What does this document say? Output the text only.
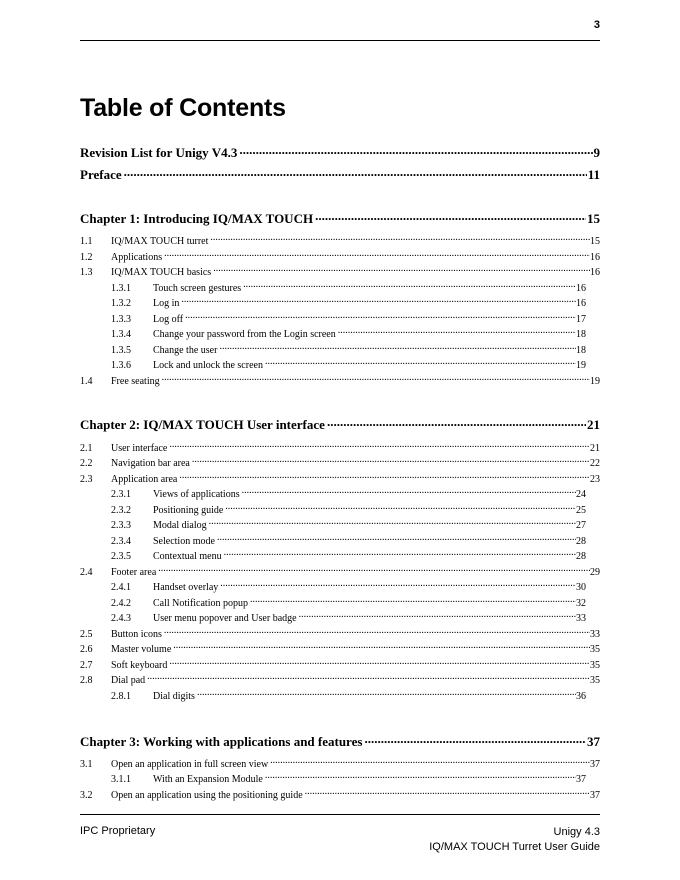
3
Table of Contents
Revision List for Unigy V4.3 .....	9
Preface .....	11
Chapter 1: Introducing IQ/MAX TOUCH .....	15
1.1	IQ/MAX TOUCH turret .....	15
1.2	Applications .....	16
1.3	IQ/MAX TOUCH basics .....	16
1.3.1	Touch screen gestures .....	16
1.3.2	Log in .....	16
1.3.3	Log off .....	17
1.3.4	Change your password from the Login screen .....	18
1.3.5	Change the user .....	18
1.3.6	Lock and unlock the screen .....	19
1.4	Free seating .....	19
Chapter 2: IQ/MAX TOUCH User interface .....	21
2.1	User interface .....	21
2.2	Navigation bar area .....	22
2.3	Application area .....	23
2.3.1	Views of applications .....	24
2.3.2	Positioning guide .....	25
2.3.3	Modal dialog .....	27
2.3.4	Selection mode .....	28
2.3.5	Contextual menu .....	28
2.4	Footer area .....	29
2.4.1	Handset overlay .....	30
2.4.2	Call Notification popup .....	32
2.4.3	User menu popover and User badge .....	33
2.5	Button icons .....	33
2.6	Master volume .....	35
2.7	Soft keyboard .....	35
2.8	Dial pad .....	35
2.8.1	Dial digits .....	36
Chapter 3: Working with applications and features .....	37
3.1	Open an application in full screen view .....	37
3.1.1	With an Expansion Module .....	37
3.2	Open an application using the positioning guide .....	37
IPC Proprietary	Unigy 4.3
IQ/MAX TOUCH Turret User Guide
